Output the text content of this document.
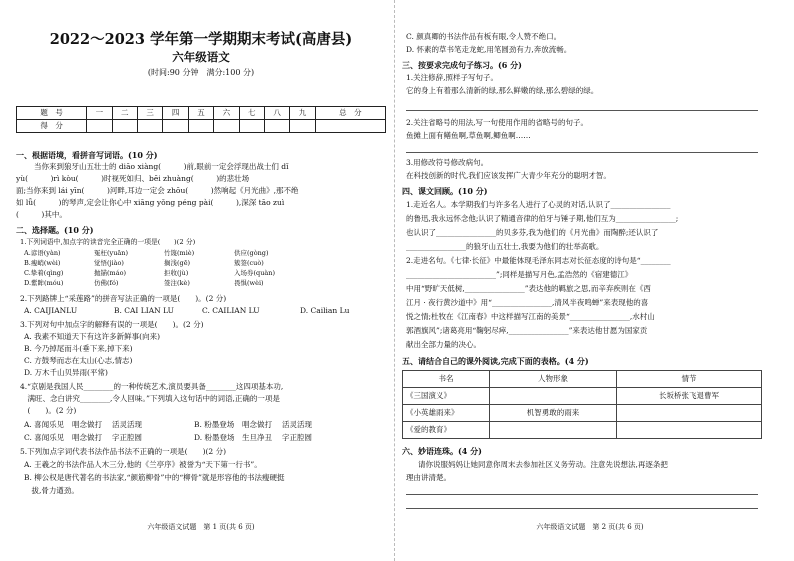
2022～2023 学年第一学期期末考试(高唐县)
六年级语文
(时间:90 分钟　满分:100 分)
题　号	一	二	三	四	五	六	七	八	九	总　分
得　分										
一、根据语境，看拼音写词语。(10 分)
当你来到狼牙山五壮士的 diāo xiàng(　　　)前,眼前一定会浮现出战士们 dǐ
yù(　　　)rì kòu(　　　)时视死如归、bēi zhuàng(　　　)的悲壮场
面;当你来到 lái yīn(　　　)河畔,耳边一定会 zhōu(　　　)然响起《月光曲》,那不绝
如 lǚ(　　　)的琴声,定会让你心中 xiāng yǒng péng pài(　　　),深深 tāo zuì
(　　　)其中。
二、选择题。(10 分)
1.下列词语中,加点字的读音完全正确的一项是(　　)(2 分)
A.谚语(yàn)	冤枉(yuān)	竹篾(miè)	供应(gòng)
B.瘦峭(wèi)	觉悟(jiào)	搁浅(gē)	簇签(cuò)
C.挚着(qìng)	抛锚(máo)	拒收(jù)	入场券(quàn)
D.紫眸(móu)	仿佛(fó)	签注(kè)	畏惧(wèi)
2.下列路牌上“采莲路”的拼音写法正确的一项是(　　)。(2 分)
A. CAIJIANLU	B. CAI LIAN LU	C. CAILIAN LU	D. Cailian Lu
3.下列对句中加点字的解释有误的一项是(　　)。(2 分)
A. 我素不知道天下有这许多新鲜事(向来)
B. 今乃掉尾而斗(垂下来,掉下来)
C. 方鼓琴而志在太山(心志,情志)
D. 万木千山贝异雨(平常)
4.“京剧是我国人民________的一种传统艺术,演员要具备________这四项基本功,
　满旺、念白讲究________,令人回味。”下列填入这句话中的词语,正确的一项是
　(　　)。(2 分)
A. 喜闻乐见 唱念做打 活灵活现	B. 粉墨登场 唱念做打 活灵活现
C. 喜闻乐见 唱念做打 字正腔圆	D. 粉墨登场 生旦净丑 字正腔圆
5.下列加点字词代表书法作品书法不正确的一项是(　　)(2 分)
A. 王羲之的书法作品人木三分,他的《兰亭序》被誉为“天下第一行书”。
B. 柳公权是唐代著名的书法家,“颜筋柳骨”中的“柳骨”就是形容他的书法瘦硬挺
　拔,骨力遒劲。
六年级语文试题　第 1 页(共 6 页)
C. 颜真卿的书法作品有板有眼,令人赞不绝口。
D. 怀素的草书笔走龙蛇,用笔圆劲有力,奔放流畅。
三、按要求完成句子练习。(6 分)
1.关注修辞,照样子写句子。
它的身上有着那么清新的绿,那么鲜嫩的绿,那么碧绿的绿。
2.关注省略号的用法,写一句使用作用的省略号的句子。
鱼摊上面有鳝鱼啊,草鱼啊,鲫鱼啊……
3.用修改符号修改病句。
在科技创新的时代,我们应该发挥广大青少年充分的聪明才智。
四、课文回顾。(10 分)
1.走近名人。本学期我们与许多名人进行了心灵的对话,认识了________________
的鲁迅,我永远怀念他;认识了精通音律的伯牙与锤子期,他们互为________________;
也认识了________________的贝多芬,我为他们的《月光曲》而陶醉;还认识了
________________的狼牙山五壮士,我要为他们的壮举高歌。
2.走进名句。《七律·长征》中最能体现毛泽东同志对长征态度的诗句是“________
________________________”;同样是描写月色,孟浩然的《宿建德江》
中用“野旷天低树,________________”表达他的羁旅之思,而辛弃疾则在《西
江月 · 夜行黄沙道中》用“________________,清风半夜鸣蝉”来表现他的喜
悦之情;杜牧在《江南春》中这样描写江南的美景“________________,水村山
郭酒旗风”;诸葛亮用“鞠躬尽瘁,________________”来表达他甘愿为国家贡
献出全部力量的决心。
五、请结合自己的课外阅读,完成下面的表格。(4 分)
书名	人物形象	情节
《三国演义》		长坂桥张飞退曹军
《小英雄雨来》	机智勇敢的雨来	
《爱的教育》		
六、妙语连珠。(4 分)
请你说服妈妈让她同意你周末去参加社区义务劳动。注意先说想法,再逐条把
理由讲清楚。
六年级语文试题　第 2 页(共 6 页)
